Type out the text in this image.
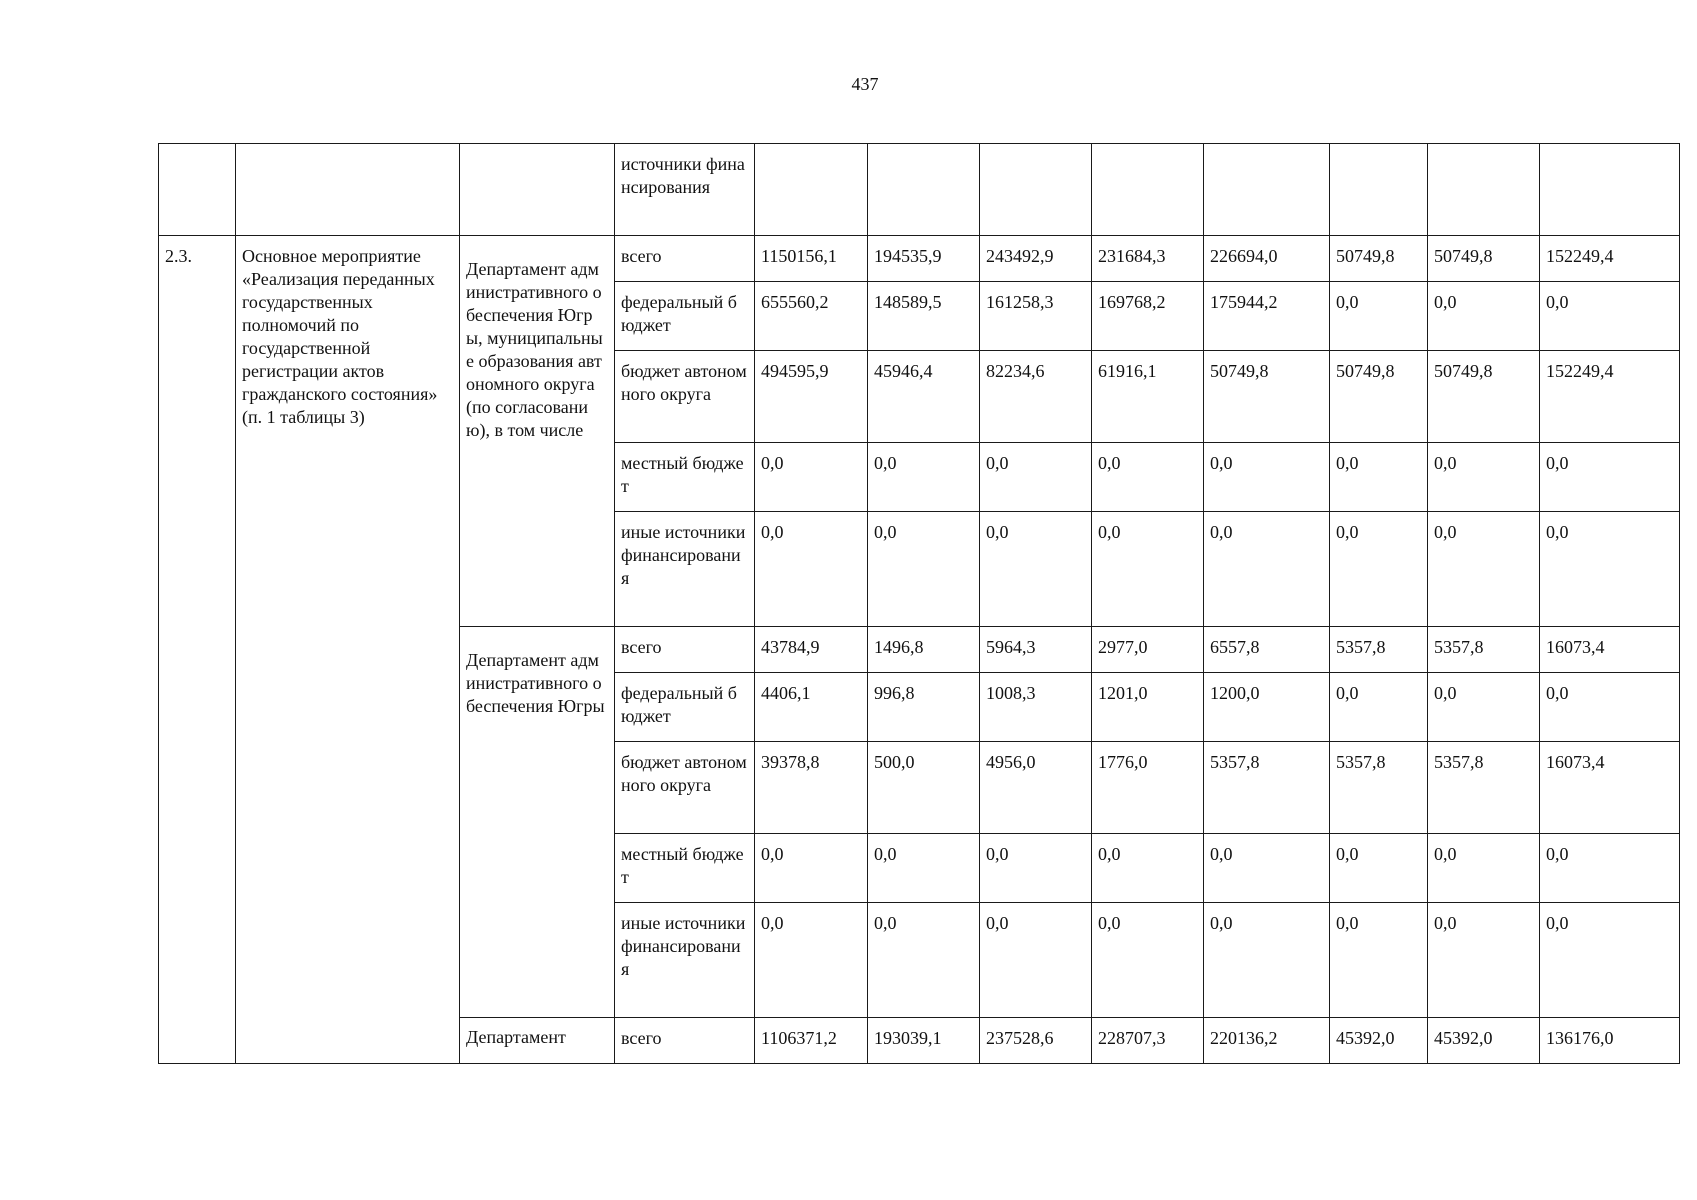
437
			источники финансирования								
2.3.	Основное мероприятие «Реализация переданных государственных полномочий по государственной регистрации актов гражданского состояния» (п. 1 таблицы 3)	Департамент административного обеспечения Югры, муниципальные образования автономного округа (по согласованию), в том числе	всего	1150156,1	194535,9	243492,9	231684,3	226694,0	50749,8	50749,8	152249,4
			федеральный бюджет	655560,2	148589,5	161258,3	169768,2	175944,2	0,0	0,0	0,0
			бюджет автономного округа	494595,9	45946,4	82234,6	61916,1	50749,8	50749,8	50749,8	152249,4
			местный бюджет	0,0	0,0	0,0	0,0	0,0	0,0	0,0	0,0
			иные источники финансирования	0,0	0,0	0,0	0,0	0,0	0,0	0,0	0,0
		Департамент административного обеспечения Югры	всего	43784,9	1496,8	5964,3	2977,0	6557,8	5357,8	5357,8	16073,4
			федеральный бюджет	4406,1	996,8	1008,3	1201,0	1200,0	0,0	0,0	0,0
			бюджет автономного округа	39378,8	500,0	4956,0	1776,0	5357,8	5357,8	5357,8	16073,4
			местный бюджет	0,0	0,0	0,0	0,0	0,0	0,0	0,0	0,0
			иные источники финансирования	0,0	0,0	0,0	0,0	0,0	0,0	0,0	0,0
		Департамент	всего	1106371,2	193039,1	237528,6	228707,3	220136,2	45392,0	45392,0	136176,0
